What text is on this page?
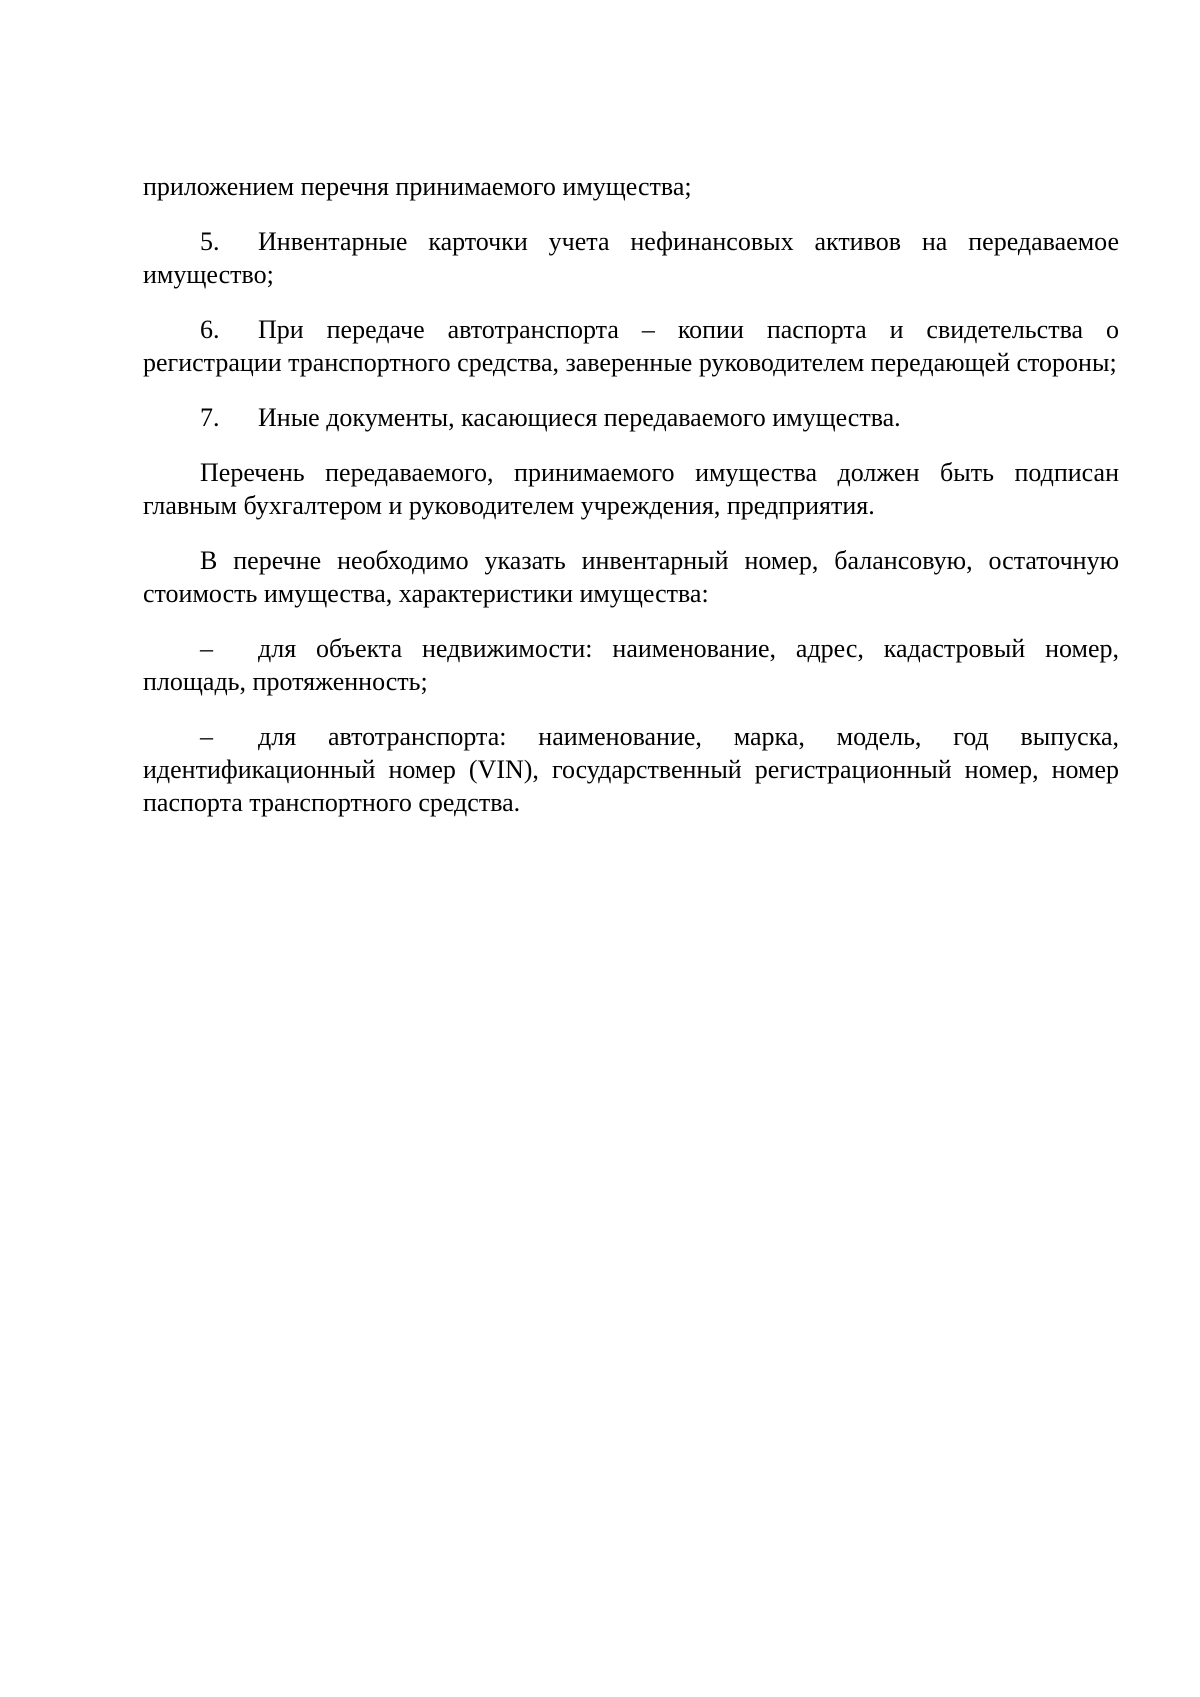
приложением перечня принимаемого имущества;

5. Инвентарные карточки учета нефинансовых активов на передаваемое имущество;

6. При передаче автотранспорта – копии паспорта и свидетельства о регистрации транспортного средства, заверенные руководителем передающей стороны;

7. Иные документы, касающиеся передаваемого имущества.

Перечень передаваемого, принимаемого имущества должен быть подписан главным бухгалтером и руководителем учреждения, предприятия.

В перечне необходимо указать инвентарный номер, балансовую, остаточную стоимость имущества, характеристики имущества:

– для объекта недвижимости: наименование, адрес, кадастровый номер, площадь, протяженность;

– для автотранспорта: наименование, марка, модель, год выпуска, идентификационный номер (VIN), государственный регистрационный номер, номер паспорта транспортного средства.
